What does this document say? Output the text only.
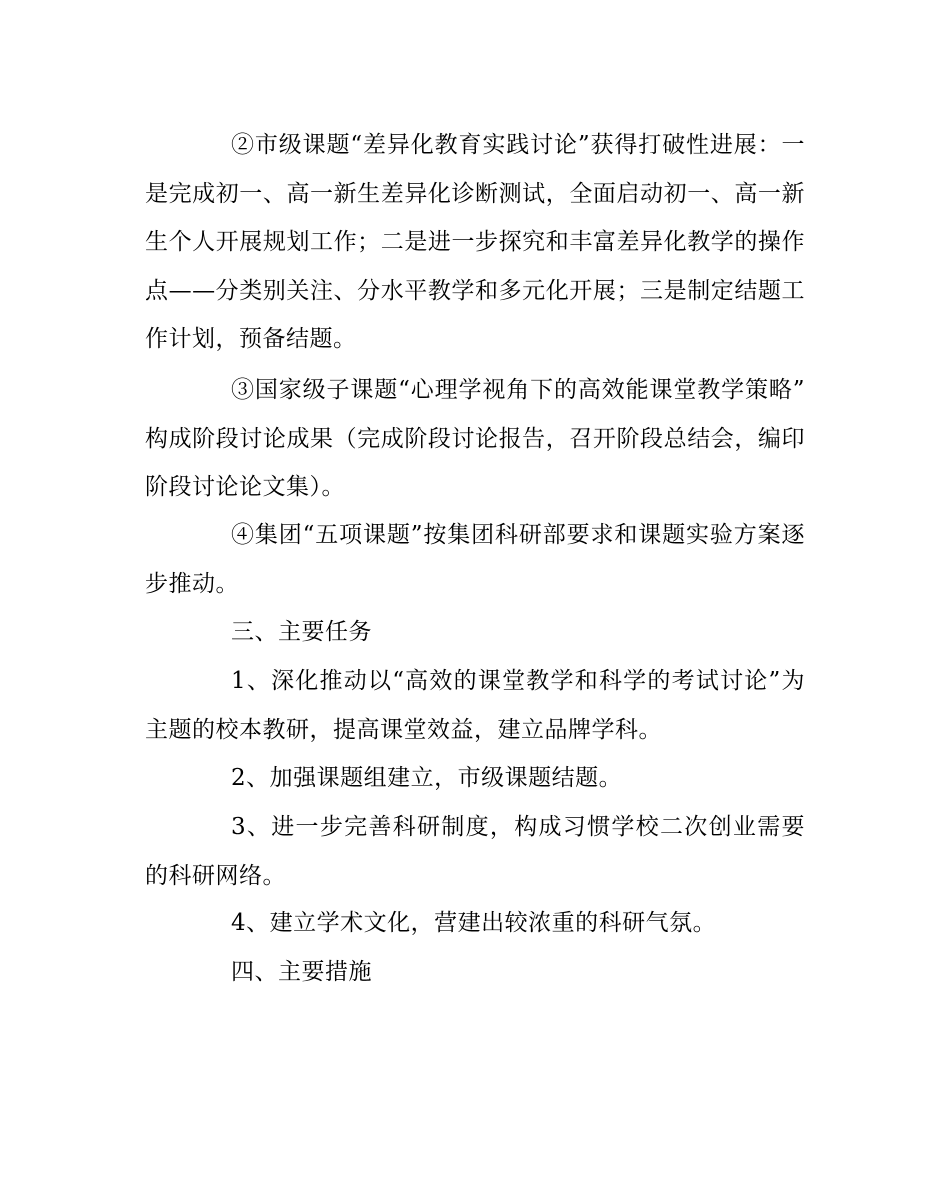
②市级课题“差异化教育实践讨论”获得打破性进展：一是完成初一、高一新生差异化诊断测试，全面启动初一、高一新生个人开展规划工作；二是进一步探究和丰富差异化教学的操作点——分类别关注、分水平教学和多元化开展；三是制定结题工作计划，预备结题。

③国家级子课题“心理学视角下的高效能课堂教学策略” 构成阶段讨论成果（完成阶段讨论报告，召开阶段总结会，编印阶段讨论论文集）。

④集团“五项课题”按集团科研部要求和课题实验方案逐步推动。

三、主要任务

1、深化推动以“高效的课堂教学和科学的考试讨论”为主题的校本教研，提高课堂效益，建立品牌学科。

2、加强课题组建立，市级课题结题。

3、进一步完善科研制度，构成习惯学校二次创业需要的科研网络。

4、建立学术文化，营建出较浓重的科研气氛。

四、主要措施
